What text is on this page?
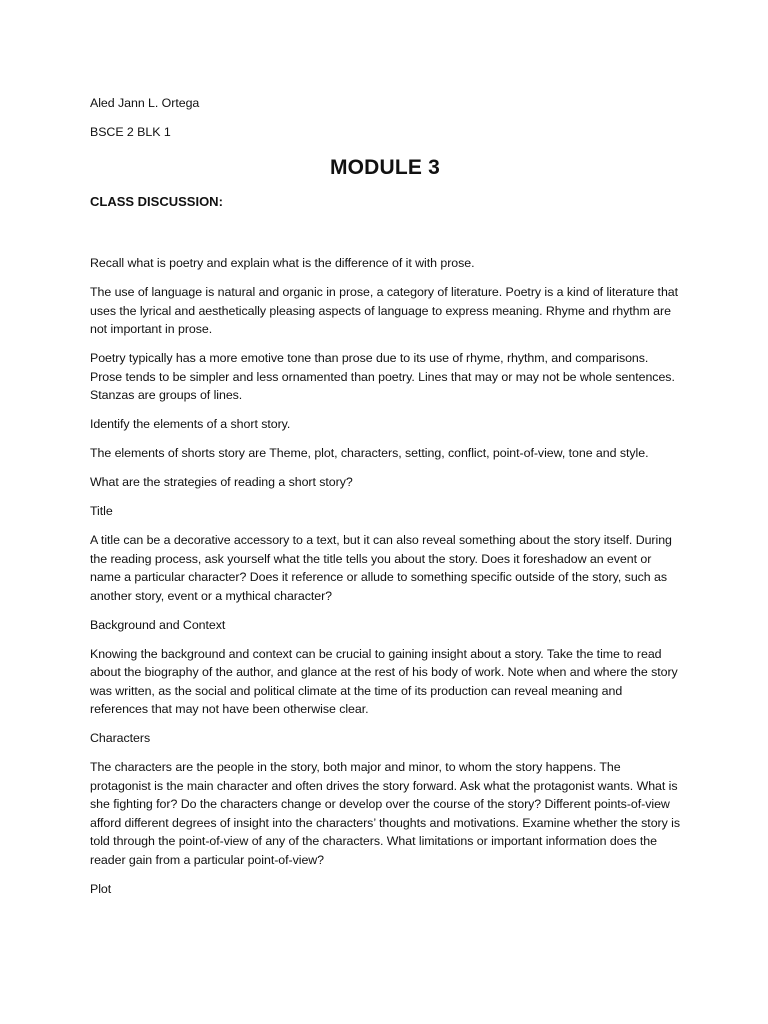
Aled Jann L. Ortega

BSCE 2 BLK 1

MODULE 3
CLASS DISCUSSION:

Recall what is poetry and explain what is the difference of it with prose.

The use of language is natural and organic in prose, a category of literature. Poetry is a kind of literature that uses the lyrical and aesthetically pleasing aspects of language to express meaning. Rhyme and rhythm are not important in prose.

Poetry typically has a more emotive tone than prose due to its use of rhyme, rhythm, and comparisons. Prose tends to be simpler and less ornamented than poetry. Lines that may or may not be whole sentences. Stanzas are groups of lines.

Identify the elements of a short story.

The elements of shorts story are Theme, plot, characters, setting, conflict, point-of-view, tone and style.

What are the strategies of reading a short story?

Title

A title can be a decorative accessory to a text, but it can also reveal something about the story itself. During the reading process, ask yourself what the title tells you about the story. Does it foreshadow an event or name a particular character? Does it reference or allude to something specific outside of the story, such as another story, event or a mythical character?

Background and Context

Knowing the background and context can be crucial to gaining insight about a story. Take the time to read about the biography of the author, and glance at the rest of his body of work. Note when and where the story was written, as the social and political climate at the time of its production can reveal meaning and references that may not have been otherwise clear.

Characters

The characters are the people in the story, both major and minor, to whom the story happens. The protagonist is the main character and often drives the story forward. Ask what the protagonist wants. What is she fighting for? Do the characters change or develop over the course of the story? Different points-of-view afford different degrees of insight into the characters’ thoughts and motivations. Examine whether the story is told through the point-of-view of any of the characters. What limitations or important information does the reader gain from a particular point-of-view?

Plot
